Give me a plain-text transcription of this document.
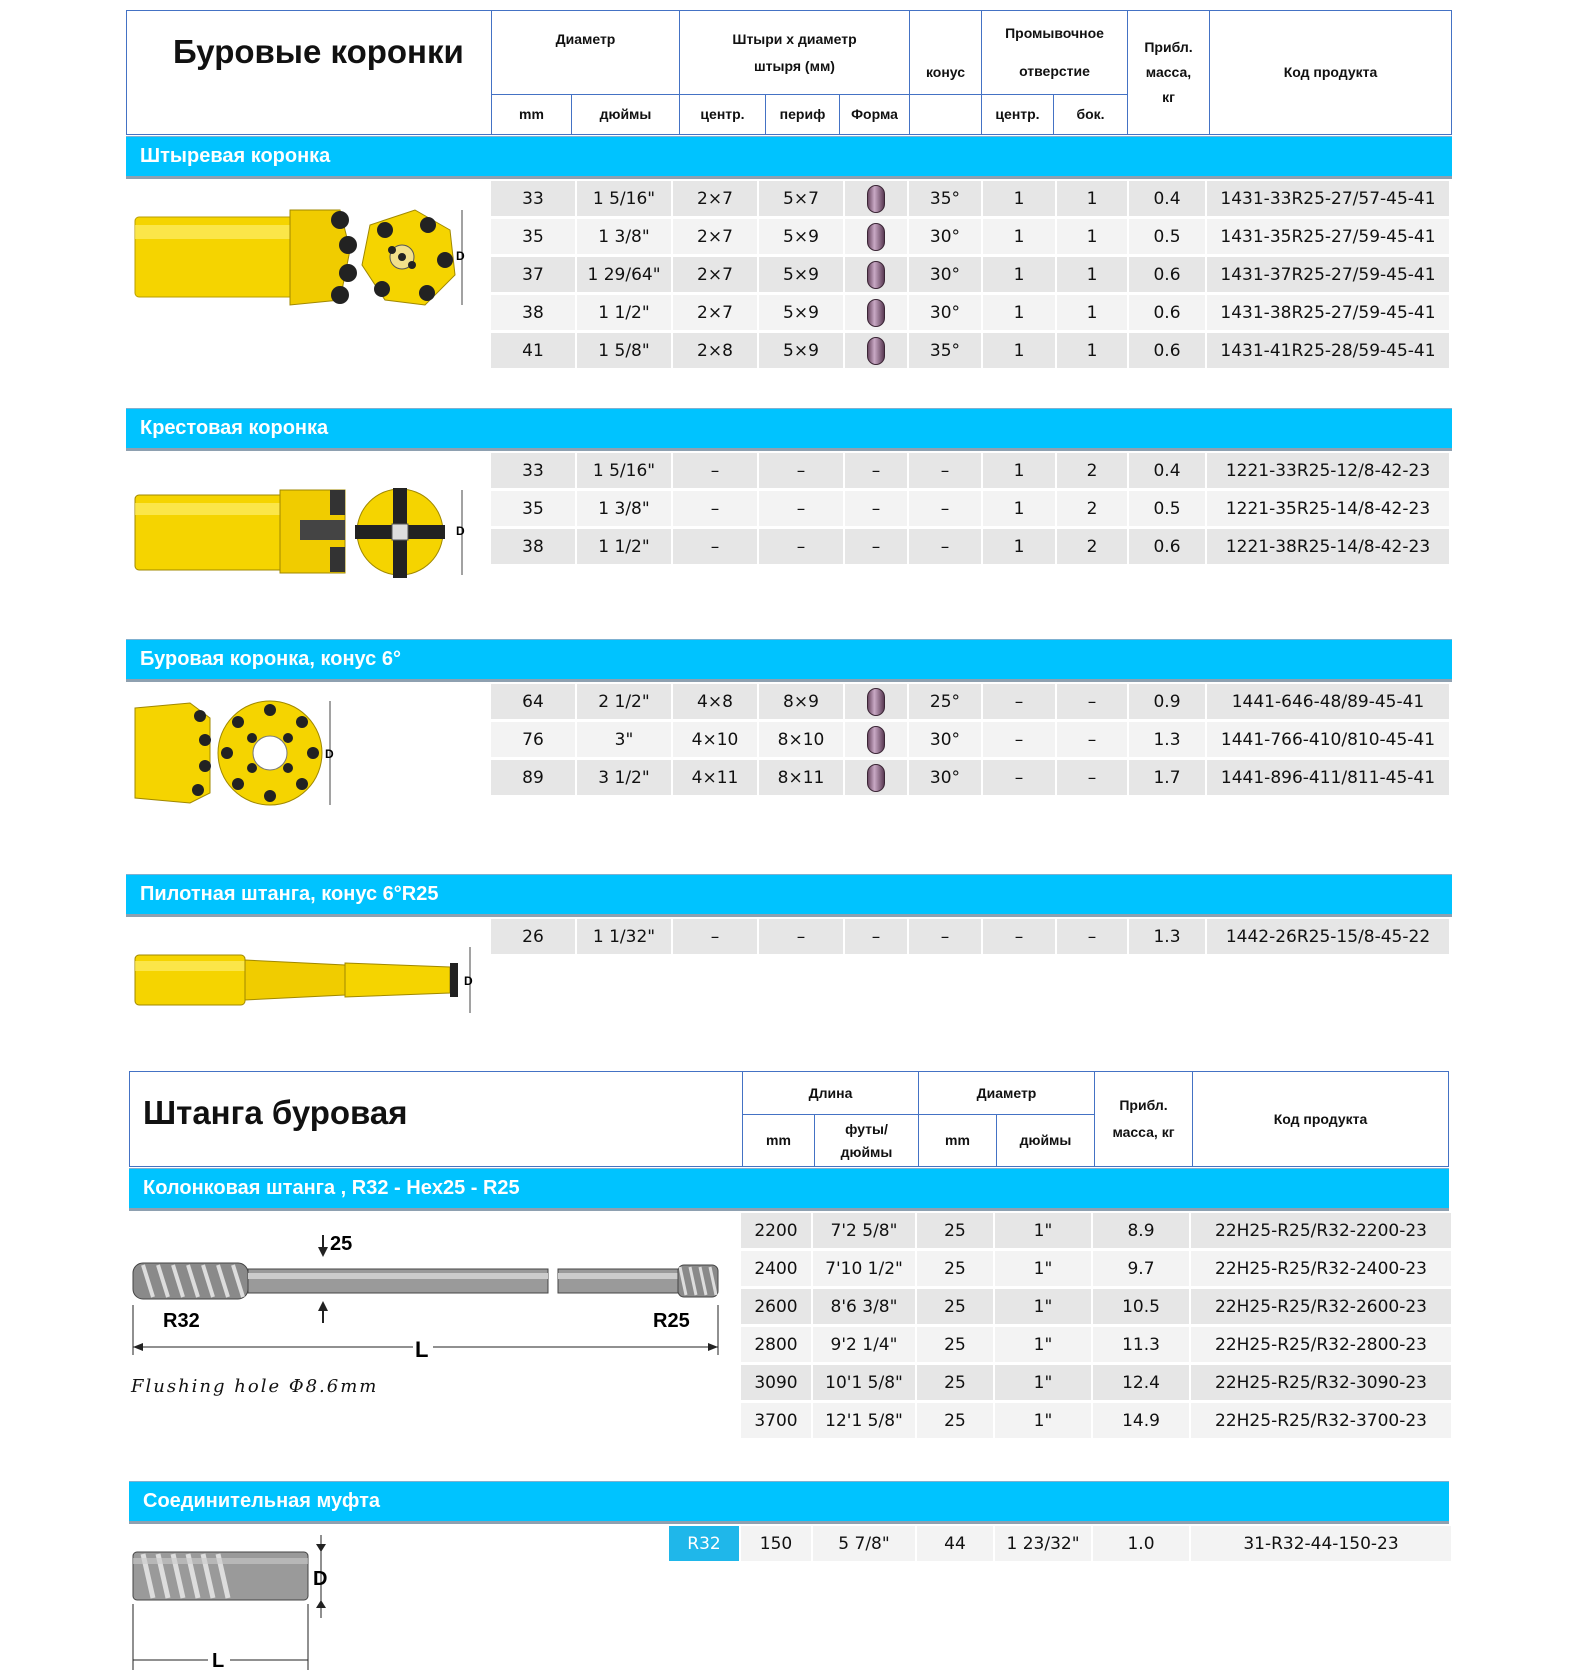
Буровые коронки	Диаметр	Штыри х диаметр штыря (мм)	конус
Промывочное отверстие
Прибл. масса, кг
Код продукта
mm	дюймы	центр.	периф	Форма	центр.	бок.
Штыревая коронка
33	1 5/16"	2×7	5×7	35°	1	1	0.4	1431-33R25-27/57-45-41
35	1 3/8"	2×7	5×9	30°	1	1	0.5	1431-35R25-27/59-45-41
37	1 29/64"	2×7	5×9	30°	1	1	0.6	1431-37R25-27/59-45-41
38	1 1/2"	2×7	5×9	30°	1	1	0.6	1431-38R25-27/59-45-41
41	1 5/8"	2×8	5×9	35°	1	1	0.6	1431-41R25-28/59-45-41
D
Крестовая коронка
33	1 5/16"	–	–	–	–	1	2	0.4	1221-33R25-12/8-42-23
35	1 3/8"	–	–	–	–	1	2	0.5	1221-35R25-14/8-42-23
38	1 1/2"	–	–	–	–	1	2	0.6	1221-38R25-14/8-42-23
D
Буровая коронка, конус 6°
64	2 1/2"	4×8	8×9	25°	–	–	0.9	1441-646-48/89-45-41
76	3"	4×10	8×10	30°	–	–	1.3	1441-766-410/810-45-41
89	3 1/2"	4×11	8×11	30°	–	–	1.7	1441-896-411/811-45-41
D
Пилотная штанга, конус 6°R25
26	1 1/32"	–	–	–	–	–	–	1.3	1442-26R25-15/8-45-22
D
Штанга буровая
Длина	Диаметр
Прибл. масса, кг
Код продукта
mm
футы/дюймы
mm	дюймы
Колонковая штанга , R32 - Hex25 - R25
2200	7'2 5/8"	25	1"	8.9	22H25-R25/R32-2200-23
2400	7'10 1/2"	25	1"	9.7	22H25-R25/R32-2400-23
2600	8'6 3/8"	25	1"	10.5	22H25-R25/R32-2600-23
2800	9'2 1/4"	25	1"	11.3	22H25-R25/R32-2800-23
3090	10'1 5/8"	25	1"	12.4	22H25-R25/R32-3090-23
3700	12'1 5/8"	25	1"	14.9	22H25-R25/R32-3700-23
25
R32	R25
L
Flushing hole Φ8.6mm
Соединительная муфта
R32	150	5 7/8"	44	1 23/32"	1.0	31-R32-44-150-23
D
L
